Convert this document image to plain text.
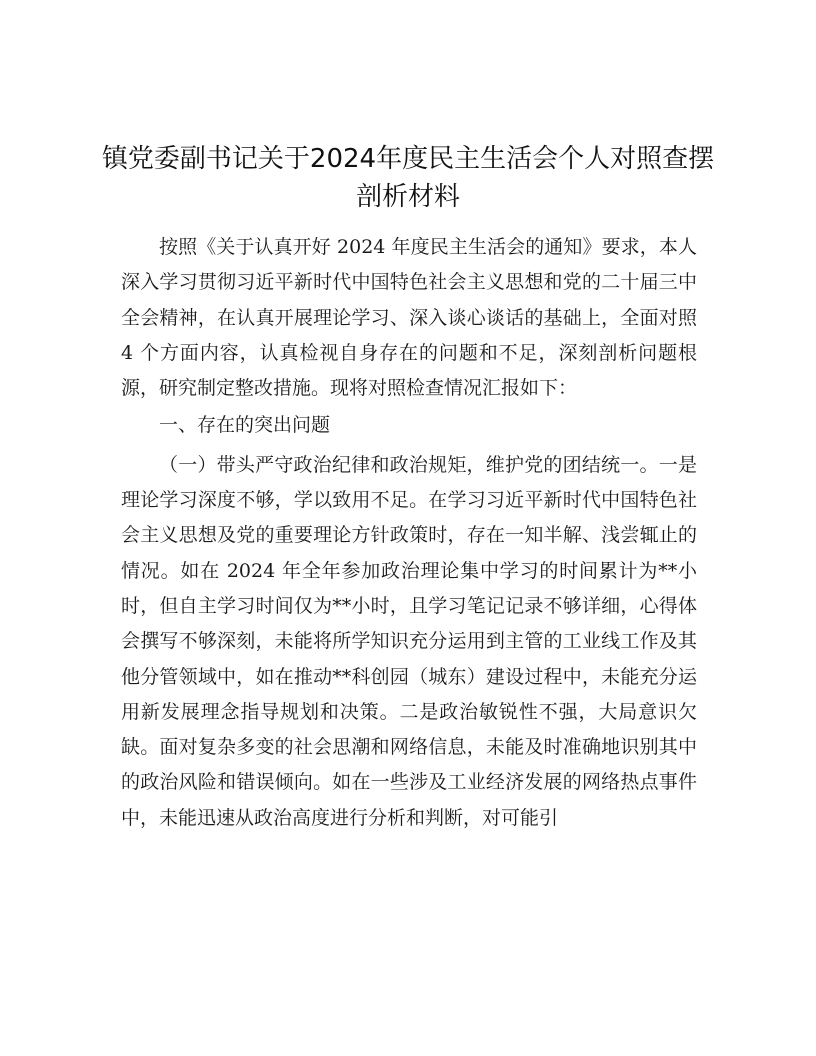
镇党委副书记关于2024年度民主生活会个人对照查摆剖析材料

按照《关于认真开好 2024 年度民主生活会的通知》要求，本人深入学习贯彻习近平新时代中国特色社会主义思想和党的二十届三中全会精神，在认真开展理论学习、深入谈心谈话的基础上，全面对照 4 个方面内容，认真检视自身存在的问题和不足，深刻剖析问题根源，研究制定整改措施。现将对照检查情况汇报如下：

一、存在的突出问题

（一）带头严守政治纪律和政治规矩，维护党的团结统一。一是理论学习深度不够，学以致用不足。在学习习近平新时代中国特色社会主义思想及党的重要理论方针政策时，存在一知半解、浅尝辄止的情况。如在 2024 年全年参加政治理论集中学习的时间累计为**小时，但自主学习时间仅为**小时，且学习笔记记录不够详细，心得体会撰写不够深刻，未能将所学知识充分运用到主管的工业线工作及其他分管领域中，如在推动**科创园（城东）建设过程中，未能充分运用新发展理念指导规划和决策。二是政治敏锐性不强，大局意识欠缺。面对复杂多变的社会思潮和网络信息，未能及时准确地识别其中的政治风险和错误倾向。如在一些涉及工业经济发展的网络热点事件中，未能迅速从政治高度进行分析和判断，对可能引
